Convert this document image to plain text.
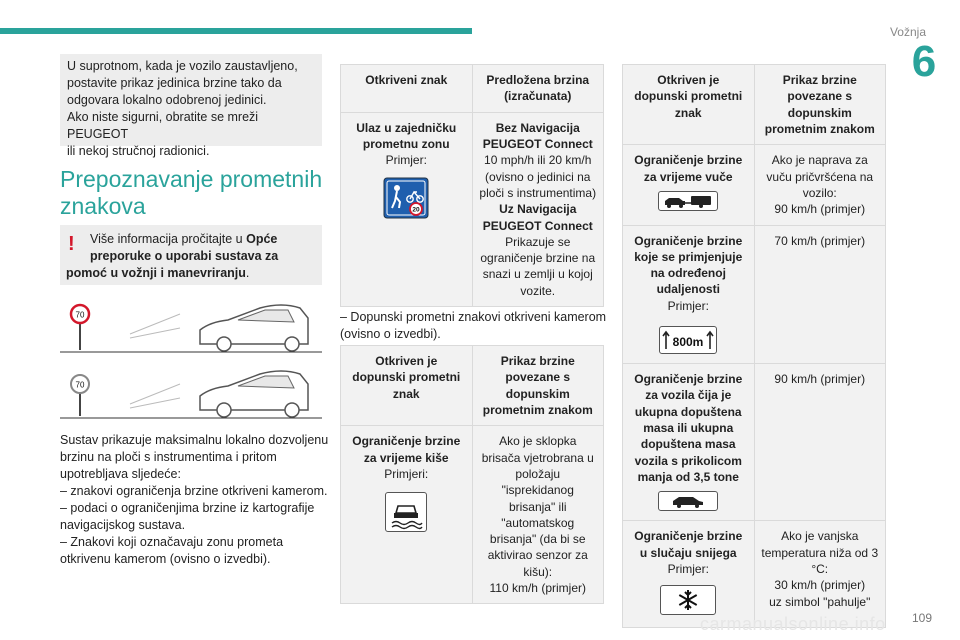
Vožnja
6

U suprotnom, kada je vozilo zaustavljeno,

postavite prikaz jedinica brzine tako da

odgovara lokalno odobrenoj jedinici.

Ako niste sigurni, obratite se mreži PEUGEOT

ili nekoj stručnoj radionici.

Prepoznavanje prometnih znakova
!	Više informacija pročitajte u Opće
preporuke o uporabi sustava za
pomoć u vožnji i manevriranju.
70
70

Sustav prikazuje maksimalnu lokalno dozvoljenu

brzinu na ploči s instrumentima i pritom

upotrebljava sljedeće:

– znakovi ograničenja brzine otkriveni kamerom.

– podaci o ograničenjima brzine iz kartografije

navigacijskog sustava.

– Znakovi koji označavaju zonu prometa

otkrivenu kamerom (ovisno o izvedbi).

Otkriveni znak	Predložena brzina (izračunata)

Ulaz u zajedničku prometnu zonu
Primjer:
20	Bez Navigacija PEUGEOT Connect
10 mph/h ili 20 km/h (ovisno o jedinici na ploči s instrumentima)
Uz Navigacija PEUGEOT Connect
Prikazuje se ograničenje brzine na snazi u zemlji u kojoj vozite.

– Dopunski prometni znakovi otkriveni kamerom

(ovisno o izvedbi).

Otkriven je dopunski prometni znak	Prikaz brzine povezane s dopunskim prometnim znakom

Ograničenje brzine za vrijeme kiše
Primjeri:	Ako je sklopka brisača vjetrobrana u položaju "isprekidanog brisanja" ili "automatskog brisanja" (da bi se aktivirao senzor za kišu):
110 km/h (primjer)
Otkriven je dopunski prometni znak	Prikaz brzine povezane s dopunskim prometnim znakom

Ograničenje brzine za vrijeme vuče	Ako je naprava za vuču pričvršćena na vozilo:
90 km/h (primjer)

Ograničenje brzine koje se primjenjuje na određenoj udaljenosti
Primjer:
800m	70 km/h (primjer)

Ograničenje brzine za vozila čija je ukupna dopuštena masa ili ukupna dopuštena masa vozila s prikolicom manja od 3,5 tone	90 km/h (primjer)

Ograničenje brzine u slučaju snijega
Primjer:	Ako je vanjska temperatura niža od 3 °C:
30 km/h (primjer)
uz simbol "pahulje"
carmanualsonline.info	109
